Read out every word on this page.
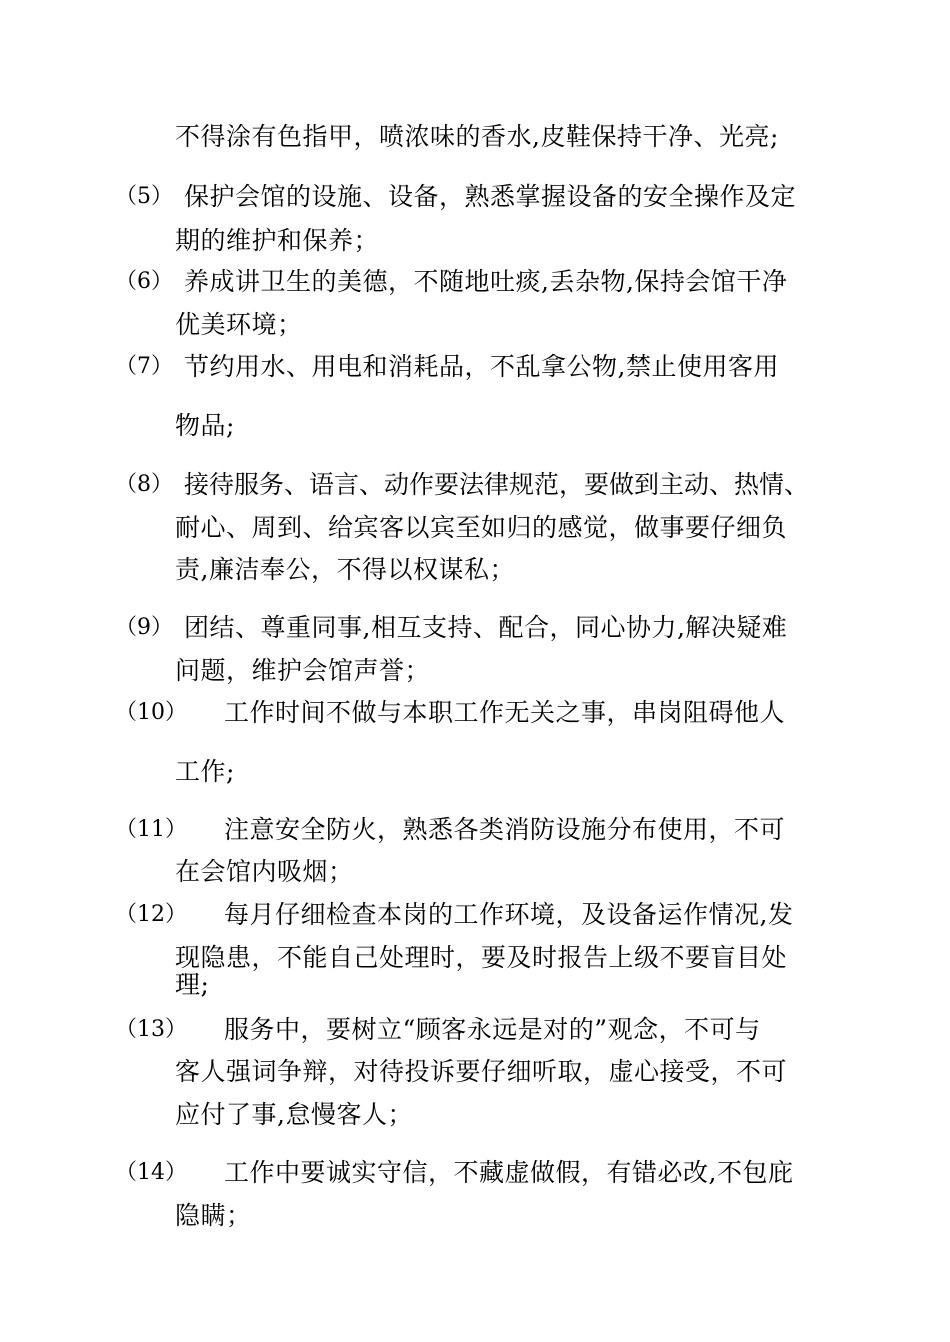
不得涂有色指甲，喷浓味的香水,皮鞋保持干净、光亮;
（5） 保护会馆的设施、设备，熟悉掌握设备的安全操作及定
期的维护和保养；
（6） 养成讲卫生的美德，不随地吐痰,丢杂物,保持会馆干净
优美环境；
（7） 节约用水、用电和消耗品，不乱拿公物,禁止使用客用
物品;
（8） 接待服务、语言、动作要法律规范，要做到主动、热情、
耐心、周到、给宾客以宾至如归的感觉，做事要仔细负
责,廉洁奉公，不得以权谋私；
（9） 团结、尊重同事,相互支持、配合，同心协力,解决疑难
问题，维护会馆声誉；
（10） 工作时间不做与本职工作无关之事，串岗阻碍他人
工作;
（11） 注意安全防火，熟悉各类消防设施分布使用，不可
在会馆内吸烟；
（12） 每月仔细检查本岗的工作环境，及设备运作情况,发
现隐患，不能自己处理时，要及时报告上级不要盲目处
理;
（13） 服务中，要树立“顾客永远是对的”观念，不可与
客人强词争辩，对待投诉要仔细听取，虚心接受，不可
应付了事,怠慢客人；
（14） 工作中要诚实守信，不藏虚做假，有错必改,不包庇
隐瞒；
